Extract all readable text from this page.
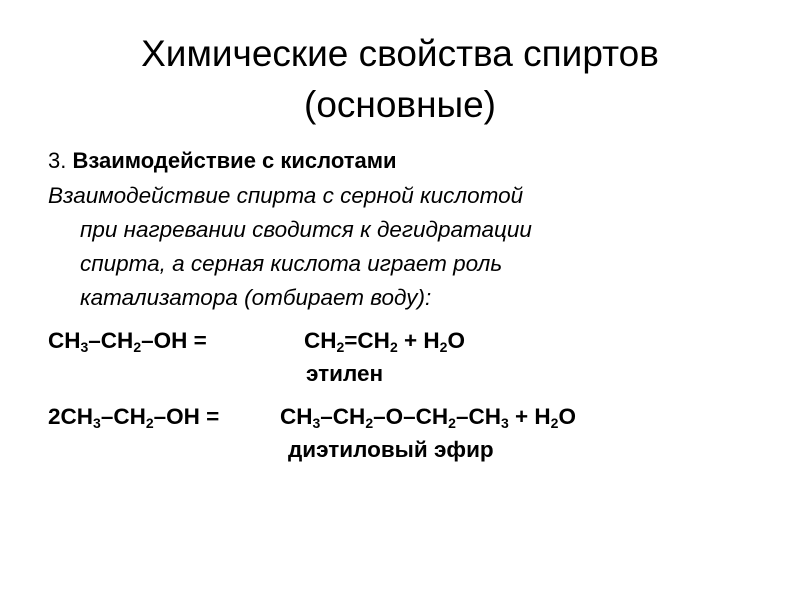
Химические свойства спиртов
(основные)
3. Взаимодействие с кислотами
Взаимодействие спирта с серной кислотой
при нагревании сводится к дегидратации
спирта, а серная кислота играет роль
катализатора (отбирает воду):
$CH_3-CH_2-OH$ =	$CH_2=CH_2 + H_2O$
этилен
$2CH_3-CH_2-OH$ =	$CH_3-CH_2-O-CH_2-CH_3 + H_2O$
диэтиловый эфир
